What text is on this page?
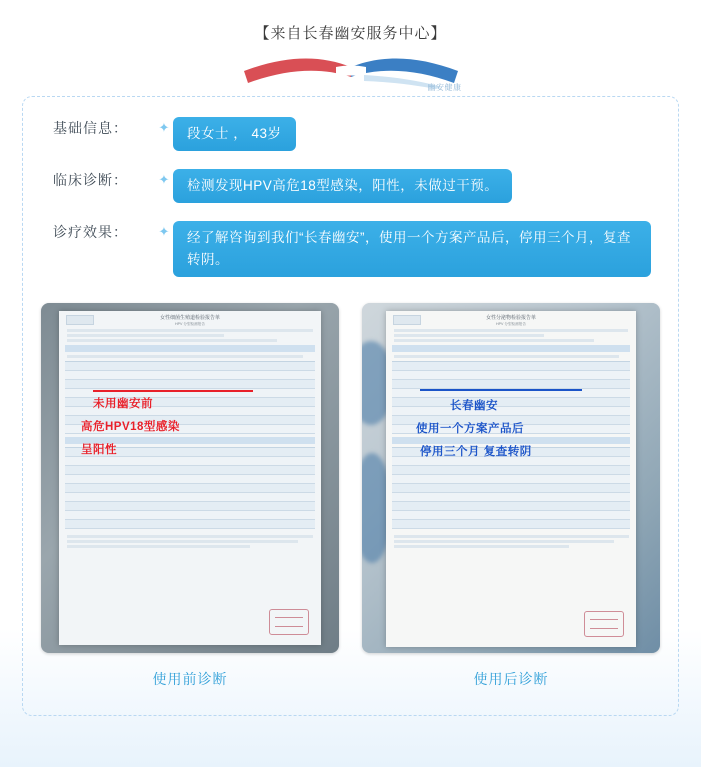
【来自长春幽安服务中心】
幽安健康
基础信息：	✦	段女士 ， 43岁
临床诊断：	✦	检测发现HPV高危18型感染，阳性，未做过干预。
诊疗效果：	✦	经了解咨询到我们“长春幽安”，使用一个方案产品后，停用三个月，复查转阴。
女性细菌生殖道检验报告单
HPV 分型检测报告
未用幽安前
高危HPV18型感染
呈阳性
使用前诊断
女性分泌物检验报告单
HPV 分型检测报告
长春幽安
使用一个方案产品后
停用三个月 复查转阴
使用后诊断
